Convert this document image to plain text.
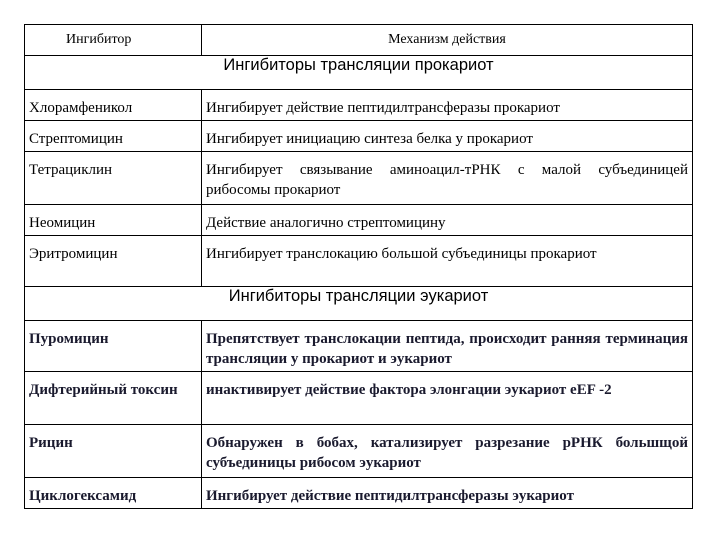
Ингибитор	Механизм действия
Ингибиторы трансляции прокариот	
Хлорамфеникол	Ингибирует действие пептидилтрансферазы прокариот
Стрептомицин	Ингибирует инициацию синтеза белка у прокариот
Тетрациклин	Ингибирует связывание аминоацил-тРНК с малой субъединицей рибосомы прокариот
Неомицин	Действие аналогично стрептомицину
Эритромицин	Ингибирует транслокацию большой субъединицы прокариот
Ингибиторы трансляции эукариот	
Пуромицин	Препятствует транслокации пептида, происходит ранняя терминация трансляции у прокариот и эукариот
Дифтерийный токсин	инактивирует действие фактора элонгации эукариот eEF -2
Рицин	Обнаружен в бобах, катализирует разрезание рРНК большщой субъединицы рибосом эукариот
Циклогексамид	Ингибирует действие пептидилтрансферазы эукариот
